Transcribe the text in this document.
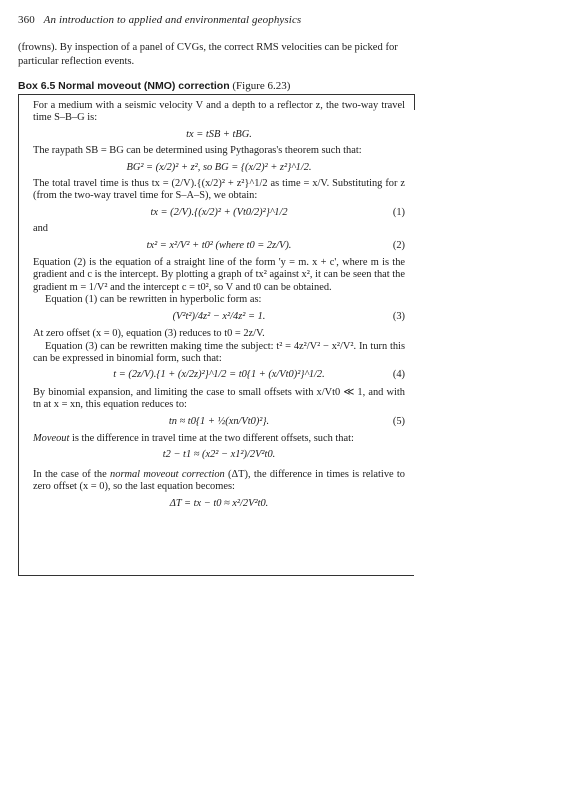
360 An introduction to applied and environmental geophysics
(frowns). By inspection of a panel of CVGs, the correct RMS velocities can be picked for particular reflection events.
Box 6.5 Normal moveout (NMO) correction (Figure 6.23)

For a medium with a seismic velocity V and a depth to a reflector z, the two-way travel time S–B–G is:

tx = tSB + tBG.

The raypath SB = BG can be determined using Pythagoras's theorem such that:

BG² = (x/2)² + z², so BG = {(x/2)² + z²}^1/2.

The total travel time is thus tx = (2/V).{(x/2)² + z²}^1/2 as time = x/V. Substituting for z (from the two-way travel time for S–A–S), we obtain:

tx = (2/V).{(x/2)² + (Vt0/2)²}^1/2	(1)

and

tx² = x²/V² + t0² (where t0 = 2z/V).	(2)

Equation (2) is the equation of a straight line of the form 'y = m. x + c', where m is the gradient and c is the intercept. By plotting a graph of tx² against x², it can be seen that the gradient m = 1/V² and the intercept c = t0², so V and t0 can be obtained.

Equation (1) can be rewritten in hyperbolic form as:

(V²t²)/4z² − x²/4z² = 1.	(3)

At zero offset (x = 0), equation (3) reduces to t0 = 2z/V.

Equation (3) can be rewritten making time the subject: t² = 4z²/V² − x²/V². In turn this can be expressed in binomial form, such that:

t = (2z/V).{1 + (x/2z)²}^1/2 = t0{1 + (x/Vt0)²}^1/2.	(4)

By binomial expansion, and limiting the case to small offsets with x/Vt0 ≪ 1, and with tn at x = xn, this equation reduces to:

tn ≈ t0{1 + ½(xn/Vt0)²}.	(5)

Moveout is the difference in travel time at the two different offsets, such that:

t2 − t1 ≈ (x2² − x1²)/2V²t0.

In the case of the normal moveout correction (ΔT), the difference in times is relative to zero offset (x = 0), so the last equation becomes:

ΔT = tx − t0 ≈ x²/2V²t0.
